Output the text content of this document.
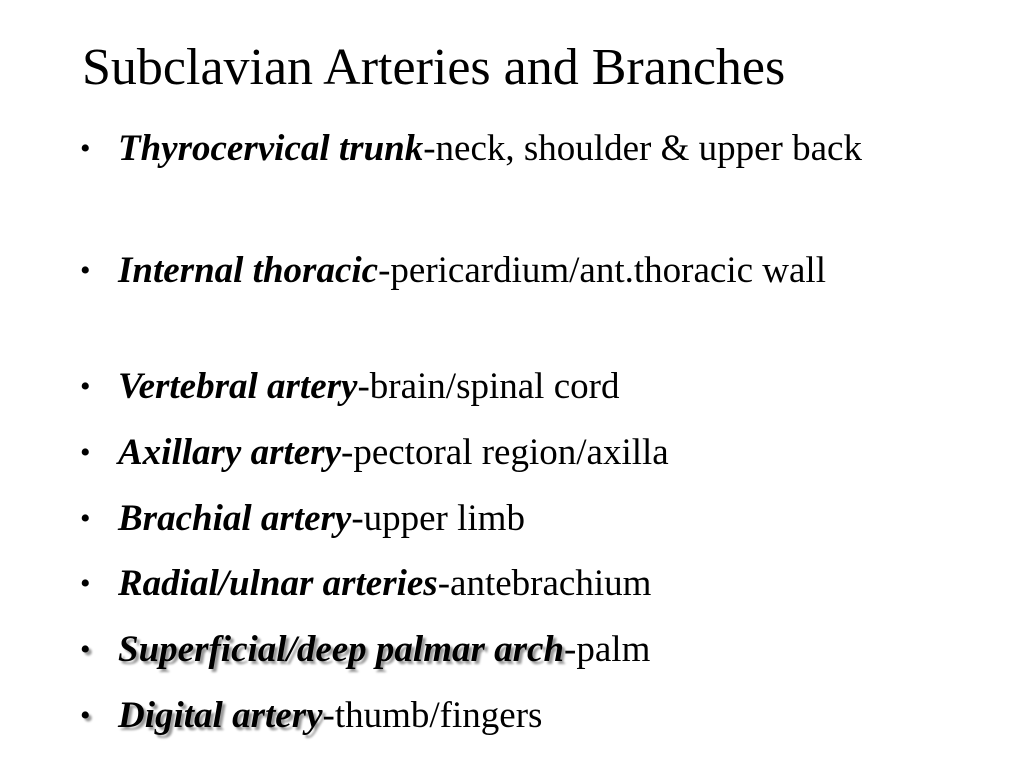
Subclavian Arteries and Branches
• Thyrocervical trunk-neck, shoulder & upper back
• Internal thoracic-pericardium/ant.thoracic wall
• Vertebral artery-brain/spinal cord
• Axillary artery-pectoral region/axilla
• Brachial artery-upper limb
• Radial/ulnar arteries-antebrachium
• Superficial/deep palmar arch-palm
• Digital artery-thumb/fingers
